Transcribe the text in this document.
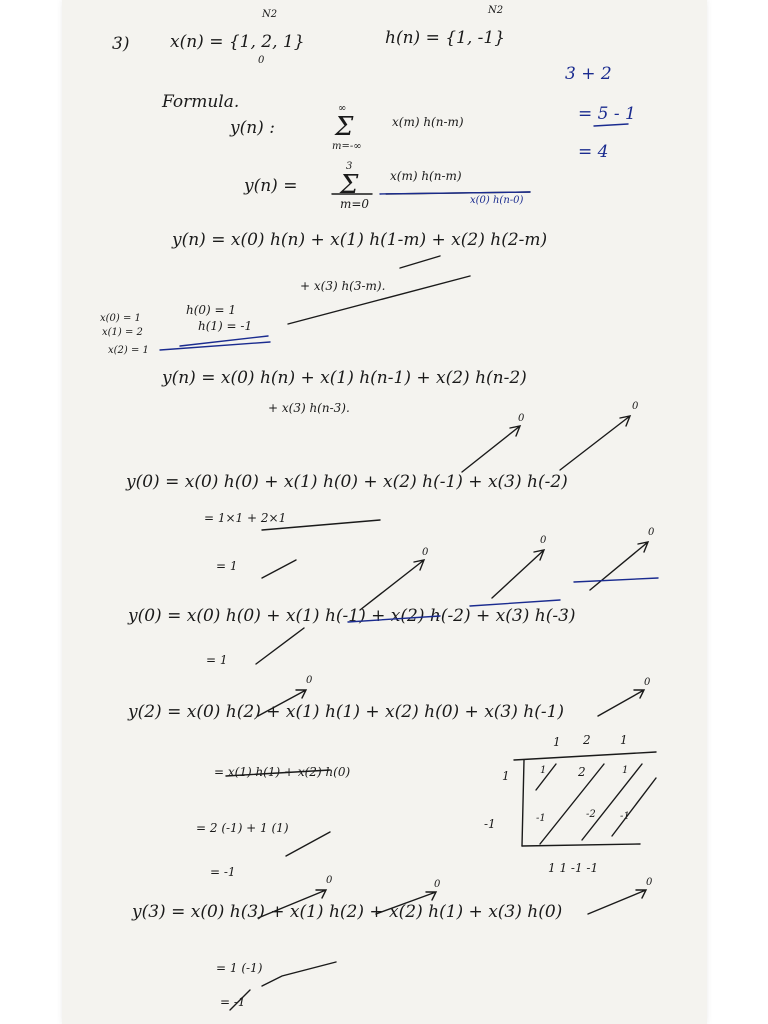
3) x(n) = {1, 2, 1}
N2
0
h(n) = {1, -1}
N2
3 + 2
= 5 - 1
= 4
Formula.
y(n) : Σ
∞
m=-∞
x(m) h(n-m)
y(n) = Σ
3
m=0
x(m) h(n-m)
x(0) h(n-0)
y(n) = x(0) h(n) + x(1) h(1-m) + x(2) h(2-m)
+ x(3) h(3-m).
x(0) = 1
x(1) = 2
x(2) = 1
h(0) = 1
h(1) = -1
y(n) = x(0) h(n) + x(1) h(n-1) + x(2) h(n-2)
+ x(3) h(n-3).
y(0) = x(0) h(0) + x(1) h(0) + x(2) h(-1) + x(3) h(-2)
0
0
= 1×1 + 2×1
= 1
y(0) = x(0) h(0) + x(1) h(-1) + x(2) h(-2) + x(3) h(-3)
0
0
0
= 1
y(2) = x(0) h(2) + x(1) h(1) + x(2) h(0) + x(3) h(-1)
0	0
= x(1) h(1) + x(2) h(0)
= 2 (-1) + 1 (1)
= -1
1 2 1
1	1	2	1
-1	-1	-2 -1
1 1 -1 -1
y(3) = x(0) h(3) + x(1) h(2) + x(2) h(1) + x(3) h(0)
0	0	0
= 1 (-1)
= -1
